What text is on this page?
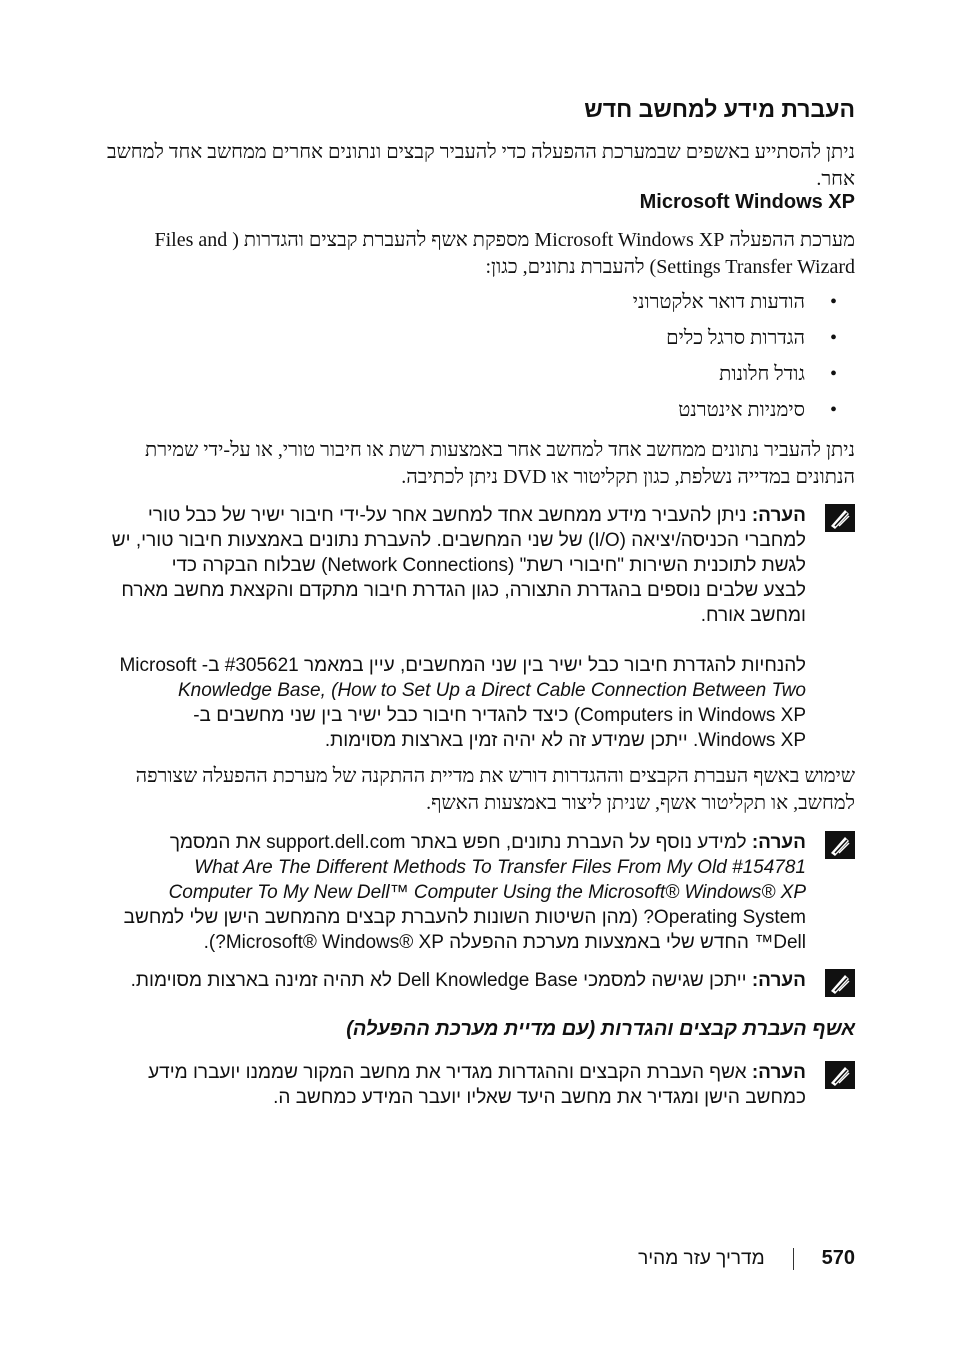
העברת מידע למחשב חדש

ניתן להסתייע באשפים שבמערכת ההפעלה כדי להעביר קבצים ונתונים אחרים ממחשב אחד למחשב אחר.

Microsoft Windows XP

מערכת ההפעלה Microsoft Windows XP מספקת אשף להעברת קבצים והגדרות ( Files and

Settings Transfer Wizard) להעברת נתונים, כגון:

•
הודעות דואר אלקטרוני
•
הגדרות סרגל כלים
•
גודל חלונות
•
סימניות אינטרנט

ניתן להעביר נתונים ממחשב אחד למחשב אחר באמצעות רשת או חיבור טורי, או על-ידי שמירת

הנתונים במדייה נשלפת, כגון תקליטור או DVD ניתן לכתיבה.

הערה: ניתן להעביר מידע ממחשב אחד למחשב אחר על-ידי חיבור ישיר של כבל טורי

למחברי הכניסה/יציאה (I/O) של שני המחשבים. להעברת נתונים באמצעות חיבור טורי, יש

לגשת לתוכנית השירות "חיבורי רשת" (Network Connections) שבלוח הבקרה כדי

לבצע שלבים נוספים בהגדרת התצורה, כגון הגדרת חיבור מתקדם והקצאת מחשב מארח

ומחשב אורח.

להנחיות להגדרת חיבור כבל ישיר בין שני המחשבים, עיין במאמר #305621 ב- Microsoft

Knowledge Base, (How to Set Up a Direct Cable Connection Between Two

Computers in Windows XP) כיצד להגדיר חיבור כבל ישיר בין שני מחשבים ב-

Windows XP. ייתכן שמידע זה לא יהיה זמין בארצות מסוימות.

שימוש באשף העברת הקבצים וההגדרות דורש את מדיית ההתקנה של מערכת ההפעלה שצורפה

למחשב, או תקליטור אשף, שניתן ליצור באמצעות האשף.

הערה: למידע נוסף על העברת נתונים, חפש באתר support.dell.com את המסמך

#154781 What Are The Different Methods To Transfer Files From My Old

Computer To My New Dell™ Computer Using the Microsoft® Windows® XP

Operating System? (מהן השיטות השונות להעברת קבצים מהמחשב הישן שלי למחשב

Dell™ החדש שלי באמצעות מערכת ההפעלה Microsoft® Windows® XP?).

הערה: ייתכן שגישה למסמכי Dell Knowledge Base לא תהיה זמינה בארצות מסוימות.

אשף העברת קבצים והגדרות (עם מדיית מערכת ההפעלה)

הערה: אשף העברת הקבצים וההגדרות מגדיר את מחשב המקור שממנו יועברו מידע

כמחשב הישן ומגדיר את מחשב היעד שאליו יועבר המידע כמחשב ה.

570
מדריך עזר מהיר
